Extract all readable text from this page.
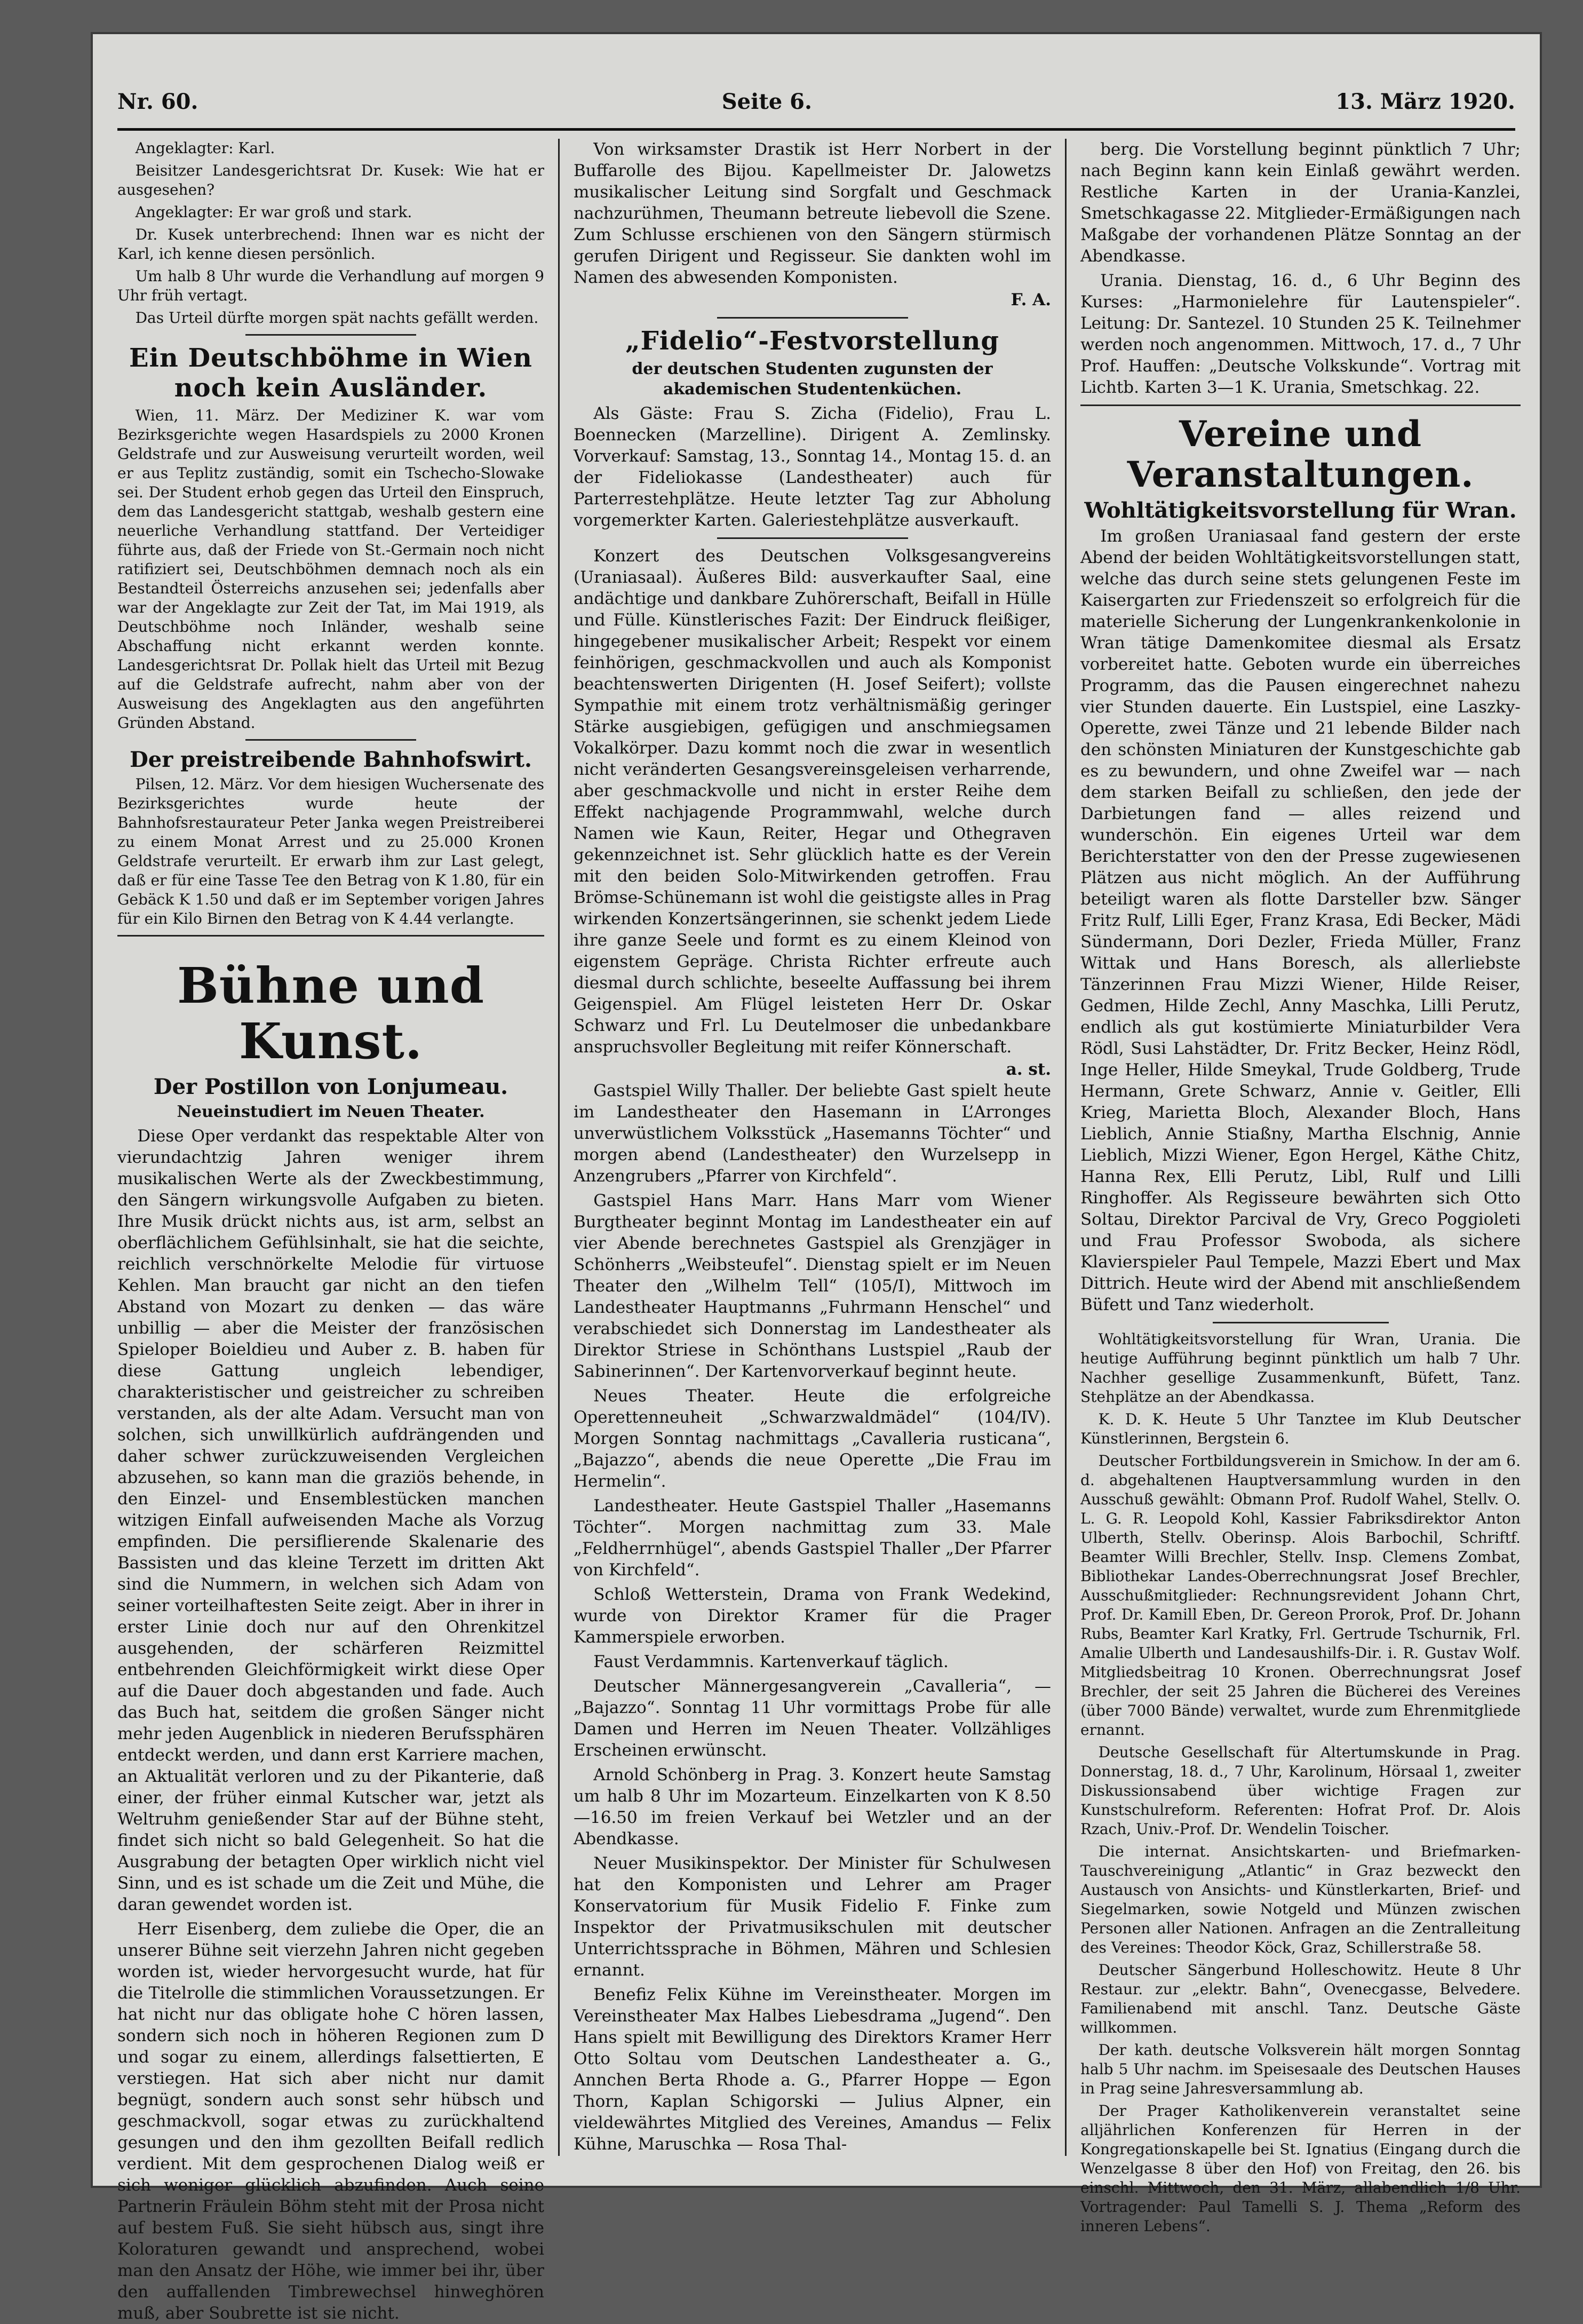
Nr. 60.	Seite 6.	13. März 1920.

Angeklagter: Karl.

Beisitzer Landesgerichtsrat Dr. Kusek: Wie hat er ausgesehen?

Angeklagter: Er war groß und stark.

Dr. Kusek unterbrechend: Ihnen war es nicht der Karl, ich kenne diesen persönlich.

Um halb 8 Uhr wurde die Verhandlung auf morgen 9 Uhr früh vertagt.

Das Urteil dürfte morgen spät nachts gefällt werden.

Ein Deutschböhme in Wien noch kein Ausländer.

Wien, 11. März. Der Mediziner K. war vom Bezirksgerichte wegen Hasardspiels zu 2000 Kronen Geldstrafe und zur Ausweisung verurteilt worden, weil er aus Teplitz zuständig, somit ein Tschecho-Slowake sei. Der Student erhob gegen das Urteil den Einspruch, dem das Landesgericht stattgab, weshalb gestern eine neuerliche Verhandlung stattfand. Der Verteidiger führte aus, daß der Friede von St.-Germain noch nicht ratifiziert sei, Deutschböhmen demnach noch als ein Bestandteil Österreichs anzusehen sei; jedenfalls aber war der Angeklagte zur Zeit der Tat, im Mai 1919, als Deutschböhme noch Inländer, weshalb seine Abschaffung nicht erkannt werden konnte. Landesgerichtsrat Dr. Pollak hielt das Urteil mit Bezug auf die Geldstrafe aufrecht, nahm aber von der Ausweisung des Angeklagten aus den angeführten Gründen Abstand.

Der preistreibende Bahnhofswirt.

Pilsen, 12. März. Vor dem hiesigen Wuchersenate des Bezirksgerichtes wurde heute der Bahnhofsrestaurateur Peter Janka wegen Preistreiberei zu einem Monat Arrest und zu 25.000 Kronen Geldstrafe verurteilt. Er erwarb ihm zur Last gelegt, daß er für eine Tasse Tee den Betrag von K 1.80, für ein Gebäck K 1.50 und daß er im September vorigen Jahres für ein Kilo Birnen den Betrag von K 4.44 verlangte.

Bühne und Kunst.
Der Postillon von Lonjumeau.
Neueinstudiert im Neuen Theater.

Diese Oper verdankt das respektable Alter von vierundachtzig Jahren weniger ihrem musikalischen Werte als der Zweckbestimmung, den Sängern wirkungsvolle Aufgaben zu bieten. Ihre Musik drückt nichts aus, ist arm, selbst an oberflächlichem Gefühlsinhalt, sie hat die seichte, reichlich verschnörkelte Melodie für virtuose Kehlen. Man braucht gar nicht an den tiefen Abstand von Mozart zu denken — das wäre unbillig — aber die Meister der französischen Spieloper Boieldieu und Auber z. B. haben für diese Gattung ungleich lebendiger, charakteristischer und geistreicher zu schreiben verstanden, als der alte Adam. Versucht man von solchen, sich unwillkürlich aufdrängenden und daher schwer zurückzuweisenden Vergleichen abzusehen, so kann man die graziös behende, in den Einzel- und Ensemblestücken manchen witzigen Einfall aufweisenden Mache als Vorzug empfinden. Die persiflierende Skalenarie des Bassisten und das kleine Terzett im dritten Akt sind die Nummern, in welchen sich Adam von seiner vorteilhaftesten Seite zeigt. Aber in ihrer in erster Linie doch nur auf den Ohrenkitzel ausgehenden, der schärferen Reizmittel entbehrenden Gleichförmigkeit wirkt diese Oper auf die Dauer doch abgestanden und fade. Auch das Buch hat, seitdem die großen Sänger nicht mehr jeden Augenblick in niederen Berufssphären entdeckt werden, und dann erst Karriere machen, an Aktualität verloren und zu der Pikanterie, daß einer, der früher einmal Kutscher war, jetzt als Weltruhm genießender Star auf der Bühne steht, findet sich nicht so bald Gelegenheit. So hat die Ausgrabung der betagten Oper wirklich nicht viel Sinn, und es ist schade um die Zeit und Mühe, die daran gewendet worden ist.

Herr Eisenberg, dem zuliebe die Oper, die an unserer Bühne seit vierzehn Jahren nicht gegeben worden ist, wieder hervorgesucht wurde, hat für die Titelrolle die stimmlichen Voraussetzungen. Er hat nicht nur das obligate hohe C hören lassen, sondern sich noch in höheren Regionen zum D und sogar zu einem, allerdings falsettierten, E verstiegen. Hat sich aber nicht nur damit begnügt, sondern auch sonst sehr hübsch und geschmackvoll, sogar etwas zu zurückhaltend gesungen und den ihm gezollten Beifall redlich verdient. Mit dem gesprochenen Dialog weiß er sich weniger glücklich abzufinden. Auch seine Partnerin Fräulein Böhm steht mit der Prosa nicht auf bestem Fuß. Sie sieht hübsch aus, singt ihre Koloraturen gewandt und ansprechend, wobei man den Ansatz der Höhe, wie immer bei ihr, über den auffallenden Timbrewechsel hinweghören muß, aber Soubrette ist sie nicht.

Von wirksamster Drastik ist Herr Norbert in der Buffarolle des Bijou. Kapellmeister Dr. Jalowetzs musikalischer Leitung sind Sorgfalt und Geschmack nachzurühmen, Theumann betreute liebevoll die Szene. Zum Schlusse erschienen von den Sängern stürmisch gerufen Dirigent und Regisseur. Sie dankten wohl im Namen des abwesenden Komponisten.

F. A.
„Fidelio“-Festvorstellung
der deutschen Studenten zugunsten der akademischen Studentenküchen.

Als Gäste: Frau S. Zicha (Fidelio), Frau L. Boennecken (Marzelline). Dirigent A. Zemlinsky. Vorverkauf: Samstag, 13., Sonntag 14., Montag 15. d. an der Fideliokasse (Landestheater) auch für Parterrestehplätze. Heute letzter Tag zur Abholung vorgemerkter Karten. Galeriestehplätze ausverkauft.

Konzert des Deutschen Volksgesangvereins (Uraniasaal). Äußeres Bild: ausverkaufter Saal, eine andächtige und dankbare Zuhörerschaft, Beifall in Hülle und Fülle. Künstlerisches Fazit: Der Eindruck fleißiger, hingegebener musikalischer Arbeit; Respekt vor einem feinhörigen, geschmackvollen und auch als Komponist beachtenswerten Dirigenten (H. Josef Seifert); vollste Sympathie mit einem trotz verhältnismäßig geringer Stärke ausgiebigen, gefügigen und anschmiegsamen Vokalkörper. Dazu kommt noch die zwar in wesentlich nicht veränderten Gesangsvereinsgeleisen verharrende, aber geschmackvolle und nicht in erster Reihe dem Effekt nachjagende Programmwahl, welche durch Namen wie Kaun, Reiter, Hegar und Othegraven gekennzeichnet ist. Sehr glücklich hatte es der Verein mit den beiden Solo-Mitwirkenden getroffen. Frau Brömse-Schünemann ist wohl die geistigste alles in Prag wirkenden Konzertsängerinnen, sie schenkt jedem Liede ihre ganze Seele und formt es zu einem Kleinod von eigenstem Gepräge. Christa Richter erfreute auch diesmal durch schlichte, beseelte Auffassung bei ihrem Geigenspiel. Am Flügel leisteten Herr Dr. Oskar Schwarz und Frl. Lu Deutelmoser die unbedankbare anspruchsvoller Begleitung mit reifer Könnerschaft.

a. st.

Gastspiel Willy Thaller. Der beliebte Gast spielt heute im Landestheater den Hasemann in L’Arronges unverwüstlichem Volksstück „Hasemanns Töchter“ und morgen abend (Landestheater) den Wurzelsepp in Anzengrubers „Pfarrer von Kirchfeld“.

Gastspiel Hans Marr. Hans Marr vom Wiener Burgtheater beginnt Montag im Landestheater ein auf vier Abende berechnetes Gastspiel als Grenzjäger in Schönherrs „Weibsteufel“. Dienstag spielt er im Neuen Theater den „Wilhelm Tell“ (105/I), Mittwoch im Landestheater Hauptmanns „Fuhrmann Henschel“ und verabschiedet sich Donnerstag im Landestheater als Direktor Striese in Schönthans Lustspiel „Raub der Sabinerinnen“. Der Kartenvorverkauf beginnt heute.

Neues Theater. Heute die erfolgreiche Operettenneuheit „Schwarzwaldmädel“ (104/IV). Morgen Sonntag nachmittags „Cavalleria rusticana“, „Bajazzo“, abends die neue Operette „Die Frau im Hermelin“.

Landestheater. Heute Gastspiel Thaller „Hasemanns Töchter“. Morgen nachmittag zum 33. Male „Feldherrnhügel“, abends Gastspiel Thaller „Der Pfarrer von Kirchfeld“.

Schloß Wetterstein, Drama von Frank Wedekind, wurde von Direktor Kramer für die Prager Kammerspiele erworben.

Faust Verdammnis. Kartenverkauf täglich.

Deutscher Männergesangverein „Cavalleria“, — „Bajazzo“. Sonntag 11 Uhr vormittags Probe für alle Damen und Herren im Neuen Theater. Vollzähliges Erscheinen erwünscht.

Arnold Schönberg in Prag. 3. Konzert heute Samstag um halb 8 Uhr im Mozarteum. Einzelkarten von K 8.50—16.50 im freien Verkauf bei Wetzler und an der Abendkasse.

Neuer Musikinspektor. Der Minister für Schulwesen hat den Komponisten und Lehrer am Prager Konservatorium für Musik Fidelio F. Finke zum Inspektor der Privatmusikschulen mit deutscher Unterrichtssprache in Böhmen, Mähren und Schlesien ernannt.

Benefiz Felix Kühne im Vereinstheater. Morgen im Vereinstheater Max Halbes Liebesdrama „Jugend“. Den Hans spielt mit Bewilligung des Direktors Kramer Herr Otto Soltau vom Deutschen Landestheater a. G., Annchen Berta Rhode a. G., Pfarrer Hoppe — Egon Thorn, Kaplan Schigorski — Julius Alpner, ein vieldewährtes Mitglied des Vereines, Amandus — Felix Kühne, Maruschka — Rosa Thal-

berg. Die Vorstellung beginnt pünktlich 7 Uhr; nach Beginn kann kein Einlaß gewährt werden. Restliche Karten in der Urania-Kanzlei, Smetschkagasse 22. Mitglieder-Ermäßigungen nach Maßgabe der vorhandenen Plätze Sonntag an der Abendkasse.

Urania. Dienstag, 16. d., 6 Uhr Beginn des Kurses: „Harmonielehre für Lautenspieler“. Leitung: Dr. Santezel. 10 Stunden 25 K. Teilnehmer werden noch angenommen. Mittwoch, 17. d., 7 Uhr Prof. Hauffen: „Deutsche Volkskunde“. Vortrag mit Lichtb. Karten 3—1 K. Urania, Smetschkag. 22.

Vereine und Veranstaltungen.
Wohltätigkeitsvorstellung für Wran.

Im großen Uraniasaal fand gestern der erste Abend der beiden Wohltätigkeitsvorstellungen statt, welche das durch seine stets gelungenen Feste im Kaisergarten zur Friedenszeit so erfolgreich für die materielle Sicherung der Lungenkrankenkolonie in Wran tätige Damenkomitee diesmal als Ersatz vorbereitet hatte. Geboten wurde ein überreiches Programm, das die Pausen eingerechnet nahezu vier Stunden dauerte. Ein Lustspiel, eine Laszky-Operette, zwei Tänze und 21 lebende Bilder nach den schönsten Miniaturen der Kunstgeschichte gab es zu bewundern, und ohne Zweifel war — nach dem starken Beifall zu schließen, den jede der Darbietungen fand — alles reizend und wunderschön. Ein eigenes Urteil war dem Berichterstatter von den der Presse zugewiesenen Plätzen aus nicht möglich. An der Aufführung beteiligt waren als flotte Darsteller bzw. Sänger Fritz Rulf, Lilli Eger, Franz Krasa, Edi Becker, Mädi Sündermann, Dori Dezler, Frieda Müller, Franz Wittak und Hans Boresch, als allerliebste Tänzerinnen Frau Mizzi Wiener, Hilde Reiser, Gedmen, Hilde Zechl, Anny Maschka, Lilli Perutz, endlich als gut kostümierte Miniaturbilder Vera Rödl, Susi Lahstädter, Dr. Fritz Becker, Heinz Rödl, Inge Heller, Hilde Smeykal, Trude Goldberg, Trude Hermann, Grete Schwarz, Annie v. Geitler, Elli Krieg, Marietta Bloch, Alexander Bloch, Hans Lieblich, Annie Stiaßny, Martha Elschnig, Annie Lieblich, Mizzi Wiener, Egon Hergel, Käthe Chitz, Hanna Rex, Elli Perutz, Libl, Rulf und Lilli Ringhoffer. Als Regisseure bewährten sich Otto Soltau, Direktor Parcival de Vry, Greco Poggioleti und Frau Professor Swoboda, als sichere Klavierspieler Paul Tempele, Mazzi Ebert und Max Dittrich. Heute wird der Abend mit anschließendem Büfett und Tanz wiederholt.

Wohltätigkeitsvorstellung für Wran, Urania. Die heutige Aufführung beginnt pünktlich um halb 7 Uhr. Nachher gesellige Zusammenkunft, Büfett, Tanz. Stehplätze an der Abendkassa.

K. D. K. Heute 5 Uhr Tanztee im Klub Deutscher Künstlerinnen, Bergstein 6.

Deutscher Fortbildungsverein in Smichow. In der am 6. d. abgehaltenen Hauptversammlung wurden in den Ausschuß gewählt: Obmann Prof. Rudolf Wahel, Stellv. O. L. G. R. Leopold Kohl, Kassier Fabriksdirektor Anton Ulberth, Stellv. Oberinsp. Alois Barbochil, Schriftf. Beamter Willi Brechler, Stellv. Insp. Clemens Zombat, Bibliothekar Landes-Oberrechnungsrat Josef Brechler, Ausschußmitglieder: Rechnungsrevident Johann Chrt, Prof. Dr. Kamill Eben, Dr. Gereon Prorok, Prof. Dr. Johann Rubs, Beamter Karl Kratky, Frl. Gertrude Tschurnik, Frl. Amalie Ulberth und Landesaushilfs-Dir. i. R. Gustav Wolf. Mitgliedsbeitrag 10 Kronen. Oberrechnungsrat Josef Brechler, der seit 25 Jahren die Bücherei des Vereines (über 7000 Bände) verwaltet, wurde zum Ehrenmitgliede ernannt.

Deutsche Gesellschaft für Altertumskunde in Prag. Donnerstag, 18. d., 7 Uhr, Karolinum, Hörsaal 1, zweiter Diskussionsabend über wichtige Fragen zur Kunstschulreform. Referenten: Hofrat Prof. Dr. Alois Rzach, Univ.-Prof. Dr. Wendelin Toischer.

Die internat. Ansichtskarten- und Briefmarken-Tauschvereinigung „Atlantic“ in Graz bezweckt den Austausch von Ansichts- und Künstlerkarten, Brief- und Siegelmarken, sowie Notgeld und Münzen zwischen Personen aller Nationen. Anfragen an die Zentralleitung des Vereines: Theodor Köck, Graz, Schillerstraße 58.

Deutscher Sängerbund Holleschowitz. Heute 8 Uhr Restaur. zur „elektr. Bahn“, Ovenecgasse, Belvedere. Familienabend mit anschl. Tanz. Deutsche Gäste willkommen.

Der kath. deutsche Volksverein hält morgen Sonntag halb 5 Uhr nachm. im Speisesaale des Deutschen Hauses in Prag seine Jahresversammlung ab.

Der Prager Katholikenverein veranstaltet seine alljährlichen Konferenzen für Herren in der Kongregationskapelle bei St. Ignatius (Eingang durch die Wenzelgasse 8 über den Hof) von Freitag, den 26. bis einschl. Mittwoch, den 31. März, allabendlich 1/8 Uhr. Vortragender: Paul Tamelli S. J. Thema „Reform des inneren Lebens“.
